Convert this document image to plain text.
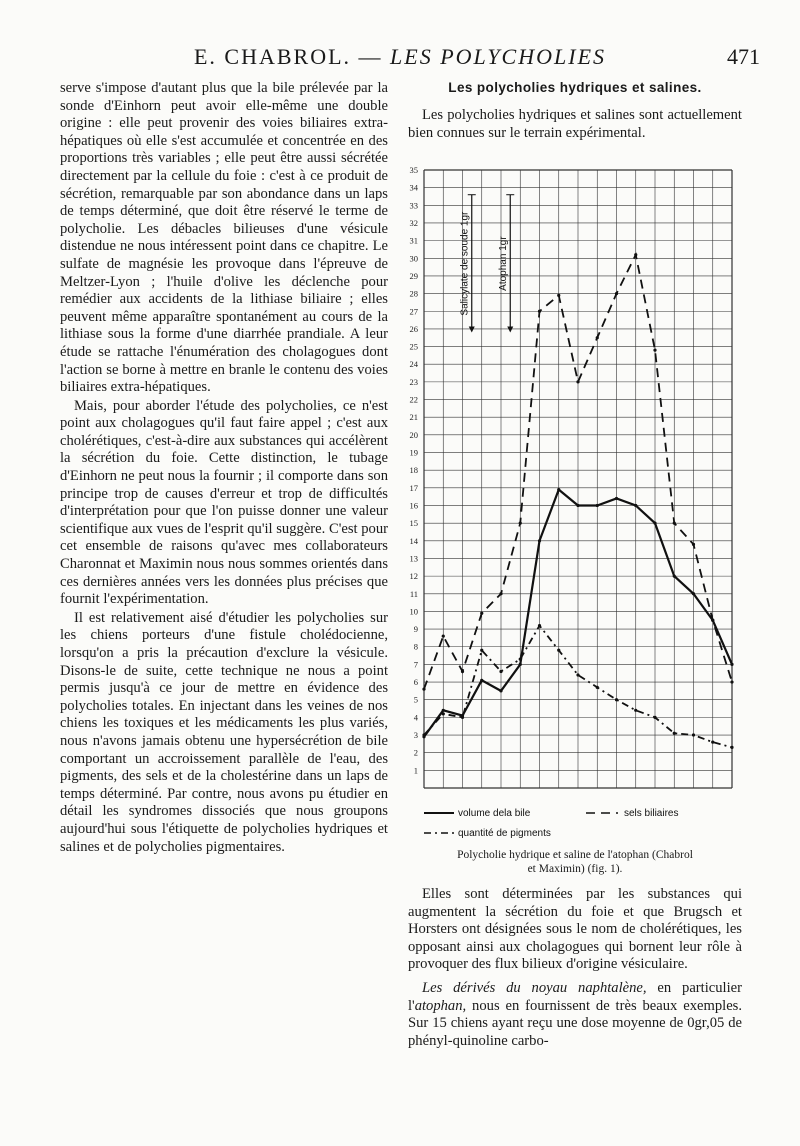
E. CHABROL. — LES POLYCHOLIES	471

serve s'impose d'autant plus que la bile prélevée par la sonde d'Einhorn peut avoir elle-même une double origine : elle peut provenir des voies biliaires extra-hépatiques où elle s'est accumulée et concentrée en des proportions très variables ; elle peut être aussi sécrétée directement par la cellule du foie : c'est à ce produit de sécrétion, remarquable par son abondance dans un laps de temps déterminé, que doit être réservé le terme de polycholie. Les débacles bilieuses d'une vésicule distendue ne nous intéressent point dans ce chapitre. Le sulfate de magnésie les provoque dans l'épreuve de Meltzer-Lyon ; l'huile d'olive les déclenche pour remédier aux accidents de la lithiase biliaire ; elles peuvent même apparaître spontanément au cours de la lithiase sous la forme d'une diarrhée prandiale. A leur étude se rattache l'énumération des cholagogues dont l'action se borne à mettre en branle le contenu des voies biliaires extra-hépatiques.

Mais, pour aborder l'étude des polycholies, ce n'est point aux cholagogues qu'il faut faire appel ; c'est aux cholérétiques, c'est-à-dire aux substances qui accélèrent la sécrétion du foie. Cette distinction, le tubage d'Einhorn ne peut nous la fournir ; il comporte dans son principe trop de causes d'erreur et trop de difficultés d'interprétation pour que l'on puisse donner une valeur scientifique aux vues de l'esprit qu'il suggère. C'est pour cet ensemble de raisons qu'avec mes collaborateurs Charonnat et Maximin nous nous sommes orientés dans ces dernières années vers les données plus précises que fournit l'expérimentation.

Il est relativement aisé d'étudier les polycholies sur les chiens porteurs d'une fistule cholédocienne, lorsqu'on a pris la précaution d'exclure la vésicule. Disons-le de suite, cette technique ne nous a point permis jusqu'à ce jour de mettre en évidence des polycholies totales. En injectant dans les veines de nos chiens les toxiques et les médicaments les plus variés, nous n'avons jamais obtenu une hypersécrétion de bile comportant un accroissement parallèle de l'eau, des pigments, des sels et de la cholestérine dans un laps de temps déterminé. Par contre, nous avons pu étudier en détail les syndromes dissociés que nous groupons aujourd'hui sous l'étiquette de polycholies hydriques et salines et de polycholies pigmentaires.

Les polycholies hydriques et salines.

Les polycholies hydriques et salines sont actuellement bien connues sur le terrain expérimental.

1
2
3
4
5
6
7
8
9
10
11
12
13
14
15
16
17
18
19
20
21
22
23
24
25
26
27
28
29
30
31
32
33
34
35
Salicylate de soude 1gr	Atophan 1gr
volume dela bile	sels biliaires
quantité de pigments
Polycholie hydrique et saline de l'atophan (Chabrol
et Maximin) (fig. 1).

Elles sont déterminées par les substances qui augmentent la sécrétion du foie et que Brugsch et Horsters ont désignées sous le nom de cholérétiques, les opposant ainsi aux cholagogues qui bornent leur rôle à provoquer des flux bilieux d'origine vésiculaire.

Les dérivés du noyau naphtalène, en particulier l'atophan, nous en fournissent de très beaux exemples. Sur 15 chiens ayant reçu une dose moyenne de 0gr,05 de phényl-quinoline carbo-
